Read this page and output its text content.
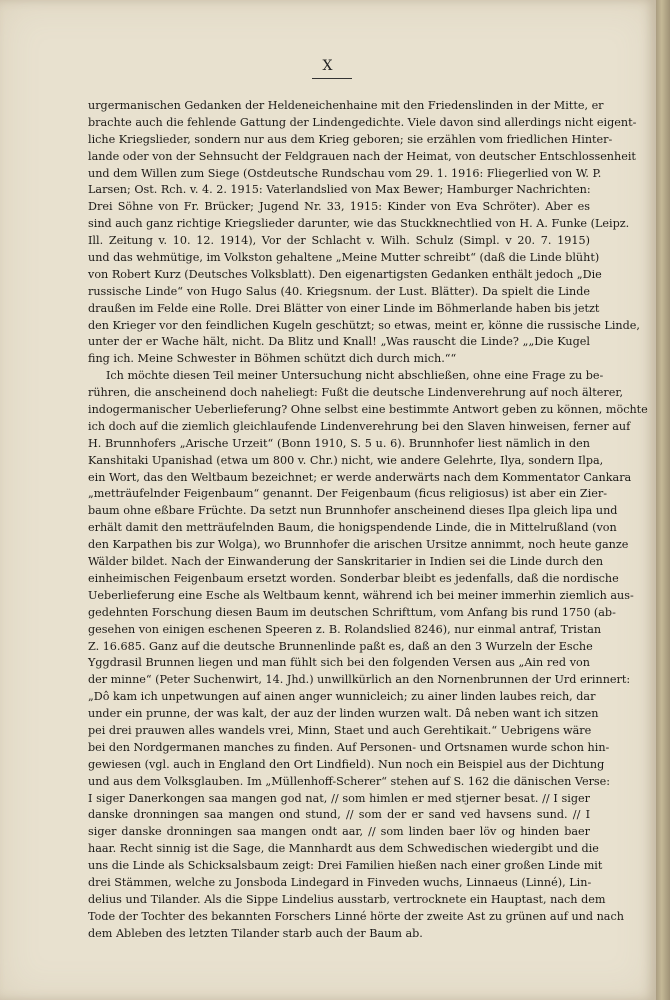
X
urgermanischen Gedanken der Heldeneichenhaine mit den Friedenslinden in der Mitte, er
brachte auch die fehlende Gattung der Lindengedichte. Viele davon sind allerdings nicht eigent-
liche Kriegslieder, sondern nur aus dem Krieg geboren; sie erzählen vom friedlichen Hinter-
lande oder von der Sehnsucht der Feldgrauen nach der Heimat, von deutscher Entschlossenheit
und dem Willen zum Siege (Ostdeutsche Rundschau vom 29. 1. 1916: Fliegerlied von W. P.
Larsen; Ost. Rch. v. 4. 2. 1915: Vaterlandslied von Max Bewer; Hamburger Nachrichten:
Drei Söhne von Fr. Brücker; Jugend Nr. 33, 1915: Kinder von Eva Schröter). Aber es
sind auch ganz richtige Kriegslieder darunter, wie das Stuckknechtlied von H. A. Funke (Leipz.
Ill. Zeitung v. 10. 12. 1914), Vor der Schlacht v. Wilh. Schulz (Simpl. v 20. 7. 1915)
und das wehmütige, im Volkston gehaltene „Meine Mutter schreibt“ (daß die Linde blüht)
von Robert Kurz (Deutsches Volksblatt). Den eigenartigsten Gedanken enthält jedoch „Die
russische Linde“ von Hugo Salus (40. Kriegsnum. der Lust. Blätter). Da spielt die Linde
draußen im Felde eine Rolle. Drei Blätter von einer Linde im Böhmerlande haben bis jetzt
den Krieger vor den feindlichen Kugeln geschützt; so etwas, meint er, könne die russische Linde,
unter der er Wache hält, nicht. Da Blitz und Knall! „Was rauscht die Linde? „„Die Kugel
fing ich. Meine Schwester in Böhmen schützt dich durch mich.““
Ich möchte diesen Teil meiner Untersuchung nicht abschließen, ohne eine Frage zu be-
rühren, die anscheinend doch naheliegt: Fußt die deutsche Lindenverehrung auf noch älterer,
indogermanischer Ueberlieferung? Ohne selbst eine bestimmte Antwort geben zu können, möchte
ich doch auf die ziemlich gleichlaufende Lindenverehrung bei den Slaven hinweisen, ferner auf
H. Brunnhofers „Arische Urzeit“ (Bonn 1910, S. 5 u. 6). Brunnhofer liest nämlich in den
Kanshitaki Upanishad (etwa um 800 v. Chr.) nicht, wie andere Gelehrte, Ilya, sondern Ilpa,
ein Wort, das den Weltbaum bezeichnet; er werde anderwärts nach dem Kommentator Cankara
„metträufelnder Feigenbaum“ genannt. Der Feigenbaum (ficus religiosus) ist aber ein Zier-
baum ohne eßbare Früchte. Da setzt nun Brunnhofer anscheinend dieses Ilpa gleich lipa und
erhält damit den metträufelnden Baum, die honigspendende Linde, die in Mittelrußland (von
den Karpathen bis zur Wolga), wo Brunnhofer die arischen Ursitze annimmt, noch heute ganze
Wälder bildet. Nach der Einwanderung der Sanskritarier in Indien sei die Linde durch den
einheimischen Feigenbaum ersetzt worden. Sonderbar bleibt es jedenfalls, daß die nordische
Ueberlieferung eine Esche als Weltbaum kennt, während ich bei meiner immerhin ziemlich aus-
gedehnten Forschung diesen Baum im deutschen Schrifttum, vom Anfang bis rund 1750 (ab-
gesehen von einigen eschenen Speeren z. B. Rolandslied 8246), nur einmal antraf, Tristan
Z. 16.685. Ganz auf die deutsche Brunnenlinde paßt es, daß an den 3 Wurzeln der Esche
Yggdrasil Brunnen liegen und man fühlt sich bei den folgenden Versen aus „Ain red von
der minne“ (Peter Suchenwirt, 14. Jhd.) unwillkürlich an den Nornenbrunnen der Urd erinnert:
„Dô kam ich unpetwungen auf ainen anger wunnicleich; zu ainer linden laubes reich, dar
under ein prunne, der was kalt, der auz der linden wurzen walt. Dâ neben want ich sitzen
pei drei prauwen alles wandels vrei, Minn, Staet und auch Gerehtikait.“ Uebrigens wäre
bei den Nordgermanen manches zu finden. Auf Personen- und Ortsnamen wurde schon hin-
gewiesen (vgl. auch in England den Ort Lindfield). Nun noch ein Beispiel aus der Dichtung
und aus dem Volksglauben. Im „Müllenhoff-Scherer“ stehen auf S. 162 die dänischen Verse:
I siger Danerkongen saa mangen god nat, // som himlen er med stjerner besat. // I siger
danske dronningen saa mangen ond stund, // som der er sand ved havsens sund. // I
siger danske dronningen saa mangen ondt aar, // som linden baer löv og hinden baer
haar. Recht sinnig ist die Sage, die Mannhardt aus dem Schwedischen wiedergibt und die
uns die Linde als Schicksalsbaum zeigt: Drei Familien hießen nach einer großen Linde mit
drei Stämmen, welche zu Jonsboda Lindegard in Finveden wuchs, Linnaeus (Linné), Lin-
delius und Tilander. Als die Sippe Lindelius ausstarb, vertrocknete ein Hauptast, nach dem
Tode der Tochter des bekannten Forschers Linné hörte der zweite Ast zu grünen auf und nach
dem Ableben des letzten Tilander starb auch der Baum ab.
